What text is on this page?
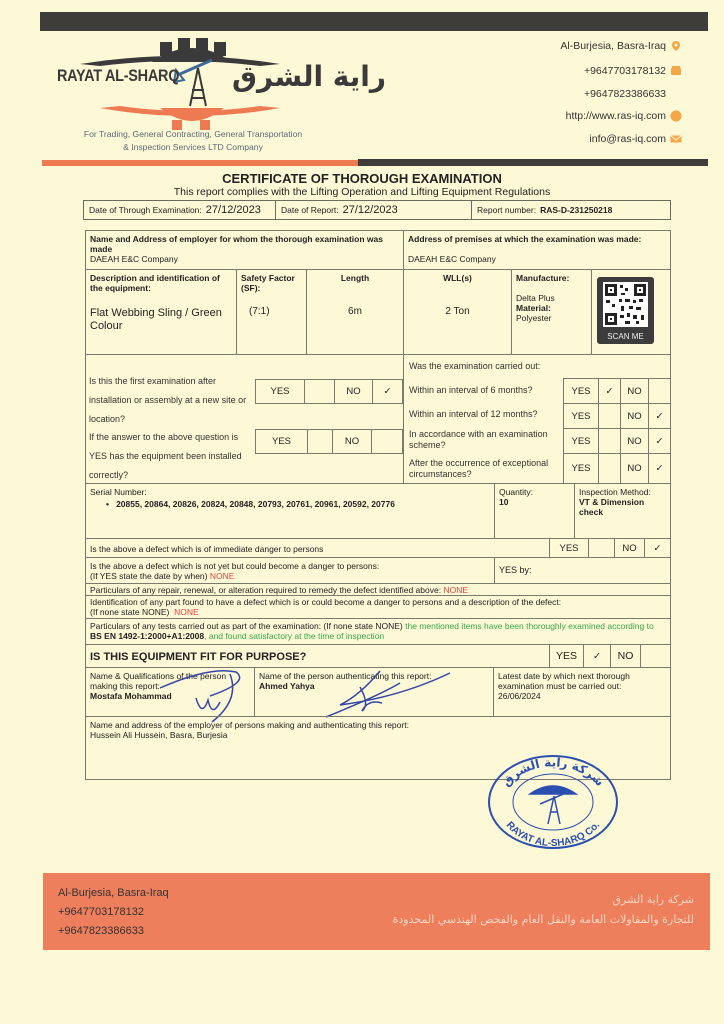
RAYAT AL-SHARQ راية الشرق
For Trading, General Contracting, General Transportation
& Inspection Services LTD Company
Al-Burjesia, Basra-Iraq
+9647703178132
+9647823386633
http://www.ras-iq.com
info@ras-iq.com
CERTIFICATE OF THOROUGH EXAMINATION
This report complies with the Lifting Operation and Lifting Equipment Regulations
Date of Through Examination: 27/12/2023 Date of Report: 27/12/2023	Report number: RAS-D-231250218
Name and Address of employer for whom the thorough examination was made
DAEAH E&C Company
Address of premises at which the examination was made:
DAEAH E&C Company
Description and identification of the equipment:
Flat Webbing Sling / Green Colour
Safety Factor (SF):
(7:1)
Length
6m
WLL(s)
2 Ton
Manufacture:
Delta Plus
Material:
Polyester
SCAN ME
Is this the first examination after installation or assembly at a new site or location?
YES	NO	✓
If the answer to the above question is YES has the equipment been installed correctly?
YES	NO
Was the examination carried out:
Within an interval of 6 months?	YES	✓	NO
Within an interval of 12 months?	YES	NO	✓
In accordance with an examination scheme?	YES	NO	✓
After the occurrence of exceptional circumstances?	YES	NO	✓
Serial Number:
•   20855, 20864, 20826, 20824, 20848, 20793, 20761, 20961, 20592, 20776
Quantity:
10
Inspection Method:
VT & Dimension check
Is the above a defect which is of immediate danger to persons	YES	NO	✓
Is the above a defect which is not yet but could become a danger to persons:
(If YES state the date by when) NONE
YES by:
Particulars of any repair, renewal, or alteration required to remedy the defect identified above: NONE
Identification of any part found to have a defect which is or could become a danger to persons and a description of the defect:
(If none state NONE) NONE
Particulars of any tests carried out as part of the examination: (If none state NONE) the mentioned items have been thoroughly examined according to BS EN 1492-1:2000+A1:2008, and found satisfactory at the time of inspection
IS THIS EQUIPMENT FIT FOR PURPOSE?	YES	✓	NO
Name & Qualifications of the person making this report:
Mostafa Mohammad
Name of the person authenticating this report:
Ahmed Yahya
Latest date by which next thorough examination must be carried out:
26/06/2024
Name and address of the employer of persons making and authenticating this report:
Hussein Ali Hussein, Basra, Burjesia
شركة راية الشرق
RAYAT AL-SHARQ Co.
Al-Burjesia, Basra-Iraq
+9647703178132
+9647823386633
شركة راية الشرق
للتجارة والمقاولات العامة والنقل العام والفحص الهندسي المحدودة
